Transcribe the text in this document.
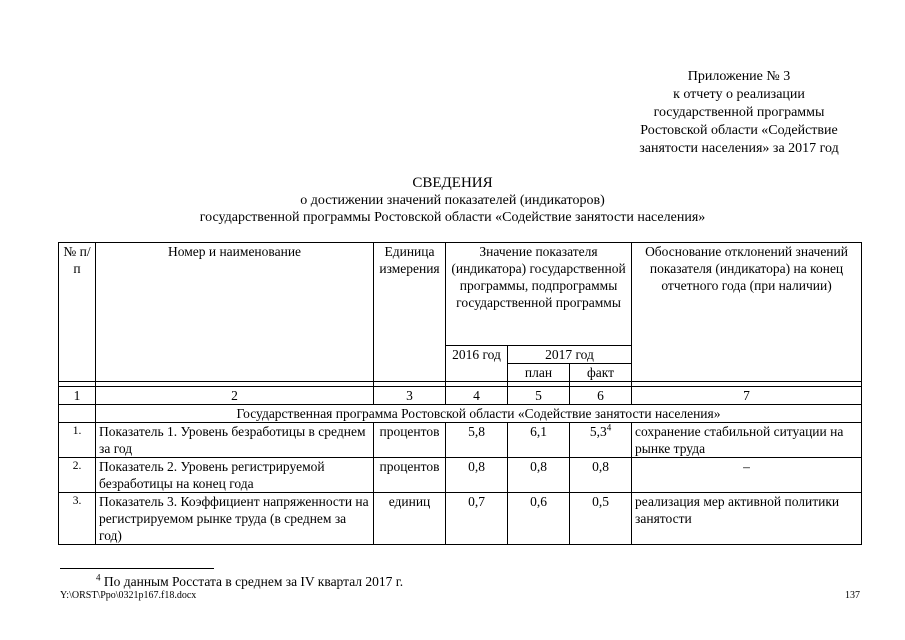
Приложение № 3
к отчету о реализации
государственной программы
Ростовской области «Содействие
занятости населения» за 2017 год
СВЕДЕНИЯ
о достижении значений показателей (индикаторов)
государственной программы Ростовской области «Содействие занятости населения»
№ п/п	Номер и наименование	Единица измерения	Значение показателя (индикатора) государственной программы, подпрограммы государственной программы			Обоснование отклонений значений показателя (индикатора) на конец отчетного года (при наличии)
			2016 год	2017 год		
				план	факт	

1	2	3	4	5	6	7
	Государственная программа Ростовской области «Содействие занятости населения»					
1.	Показатель 1. Уровень безработицы в среднем за год	процентов	5,8	6,1	$5,3^4$	сохранение стабильной ситуации на рынке труда
2.	Показатель 2. Уровень регистрируемой безработицы на конец года	процентов	0,8	0,8	0,8	–
3.	Показатель 3. Коэффициент напряженности на регистрируемом рынке труда (в среднем за год)	единиц	0,7	0,6	0,5	реализация мер активной политики занятости
$^4$ По данным Росстата в среднем за IV квартал 2017 г.
Y:\ORST\Ppo\0321p167.f18.docx	137
